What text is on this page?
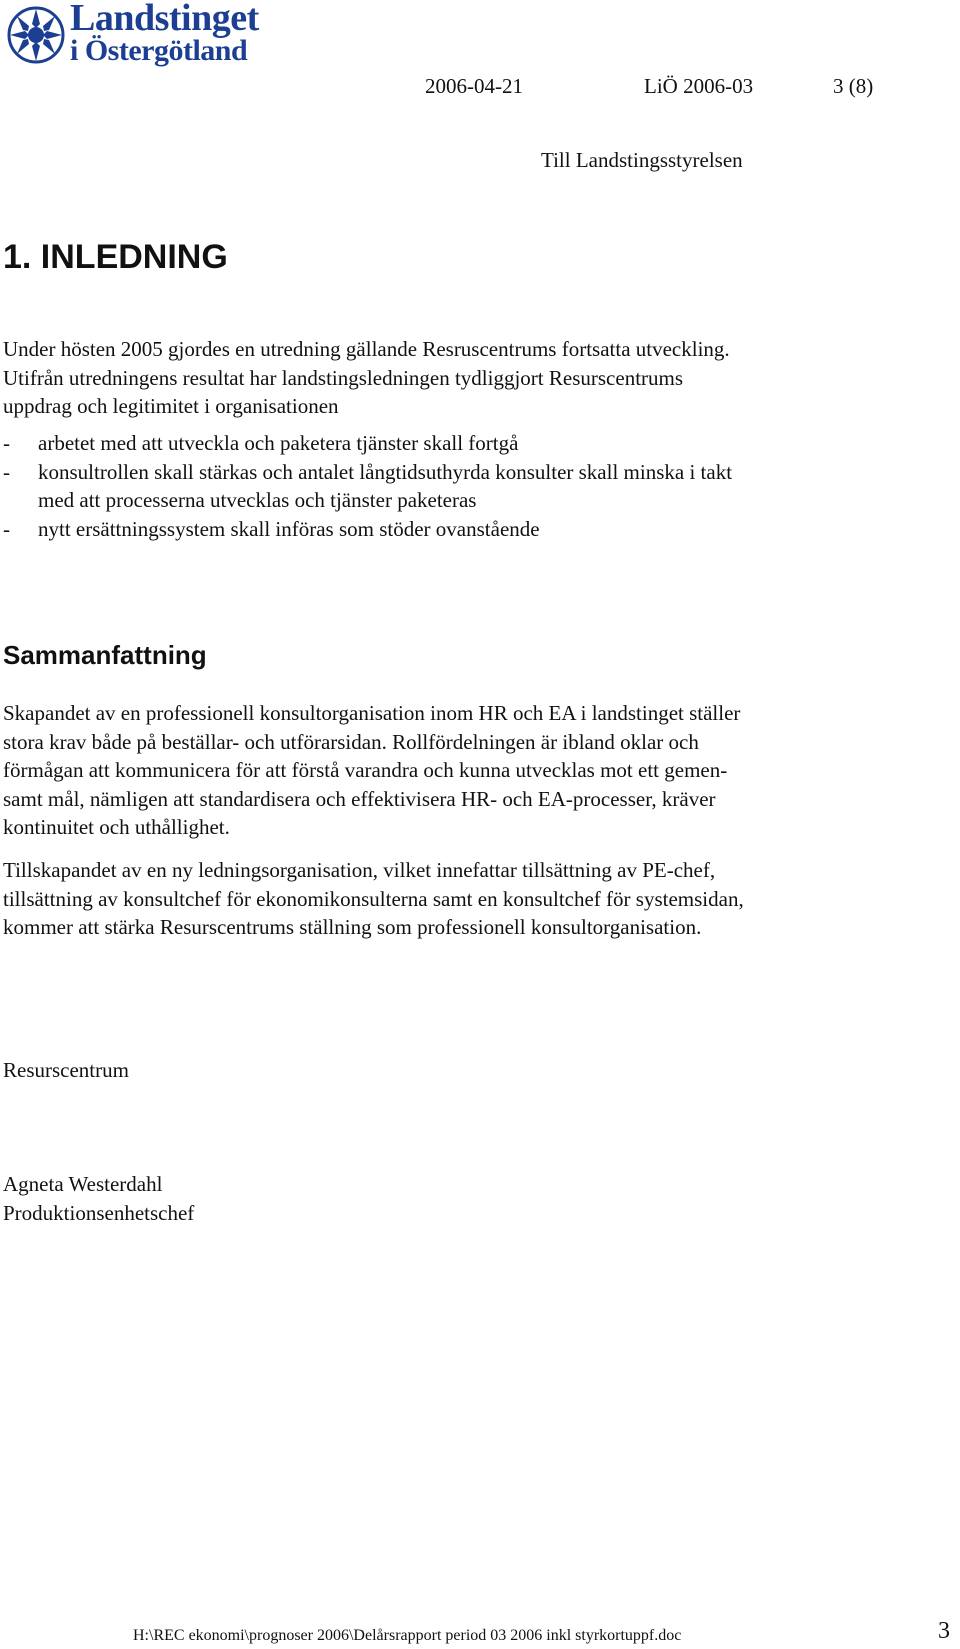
Landstinget
i Östergötland
2006-04-21	LiÖ 2006-03	3 (8)
Till Landstingsstyrelsen
1. INLEDNING
Under hösten 2005 gjordes en utredning gällande Resruscentrums fortsatta utveckling.
Utifrån utredningens resultat har landstingsledningen tydliggjort Resurscentrums
uppdrag och legitimitet i organisationen
- arbetet med att utveckla och paketera tjänster skall fortgå
- konsultrollen skall stärkas och antalet långtidsuthyrda konsulter skall minska i takt
med att processerna utvecklas och tjänster paketeras
- nytt ersättningssystem skall införas som stöder ovanstående
Sammanfattning
Skapandet av en professionell konsultorganisation inom HR och EA i landstinget ställer
stora krav både på beställar- och utförarsidan. Rollfördelningen är ibland oklar och
förmågan att kommunicera för att förstå varandra och kunna utvecklas mot ett gemen-
samt mål, nämligen att standardisera och effektivisera HR- och EA-processer, kräver
kontinuitet och uthållighet.
Tillskapandet av en ny ledningsorganisation, vilket innefattar tillsättning av PE-chef,
tillsättning av konsultchef för ekonomikonsulterna samt en konsultchef för systemsidan,
kommer att stärka Resurscentrums ställning som professionell konsultorganisation.
Resurscentrum
Agneta Westerdahl
Produktionsenhetschef
H:\REC ekonomi\prognoser 2006\Delårsrapport period 03 2006 inkl styrkortuppf.doc	3
